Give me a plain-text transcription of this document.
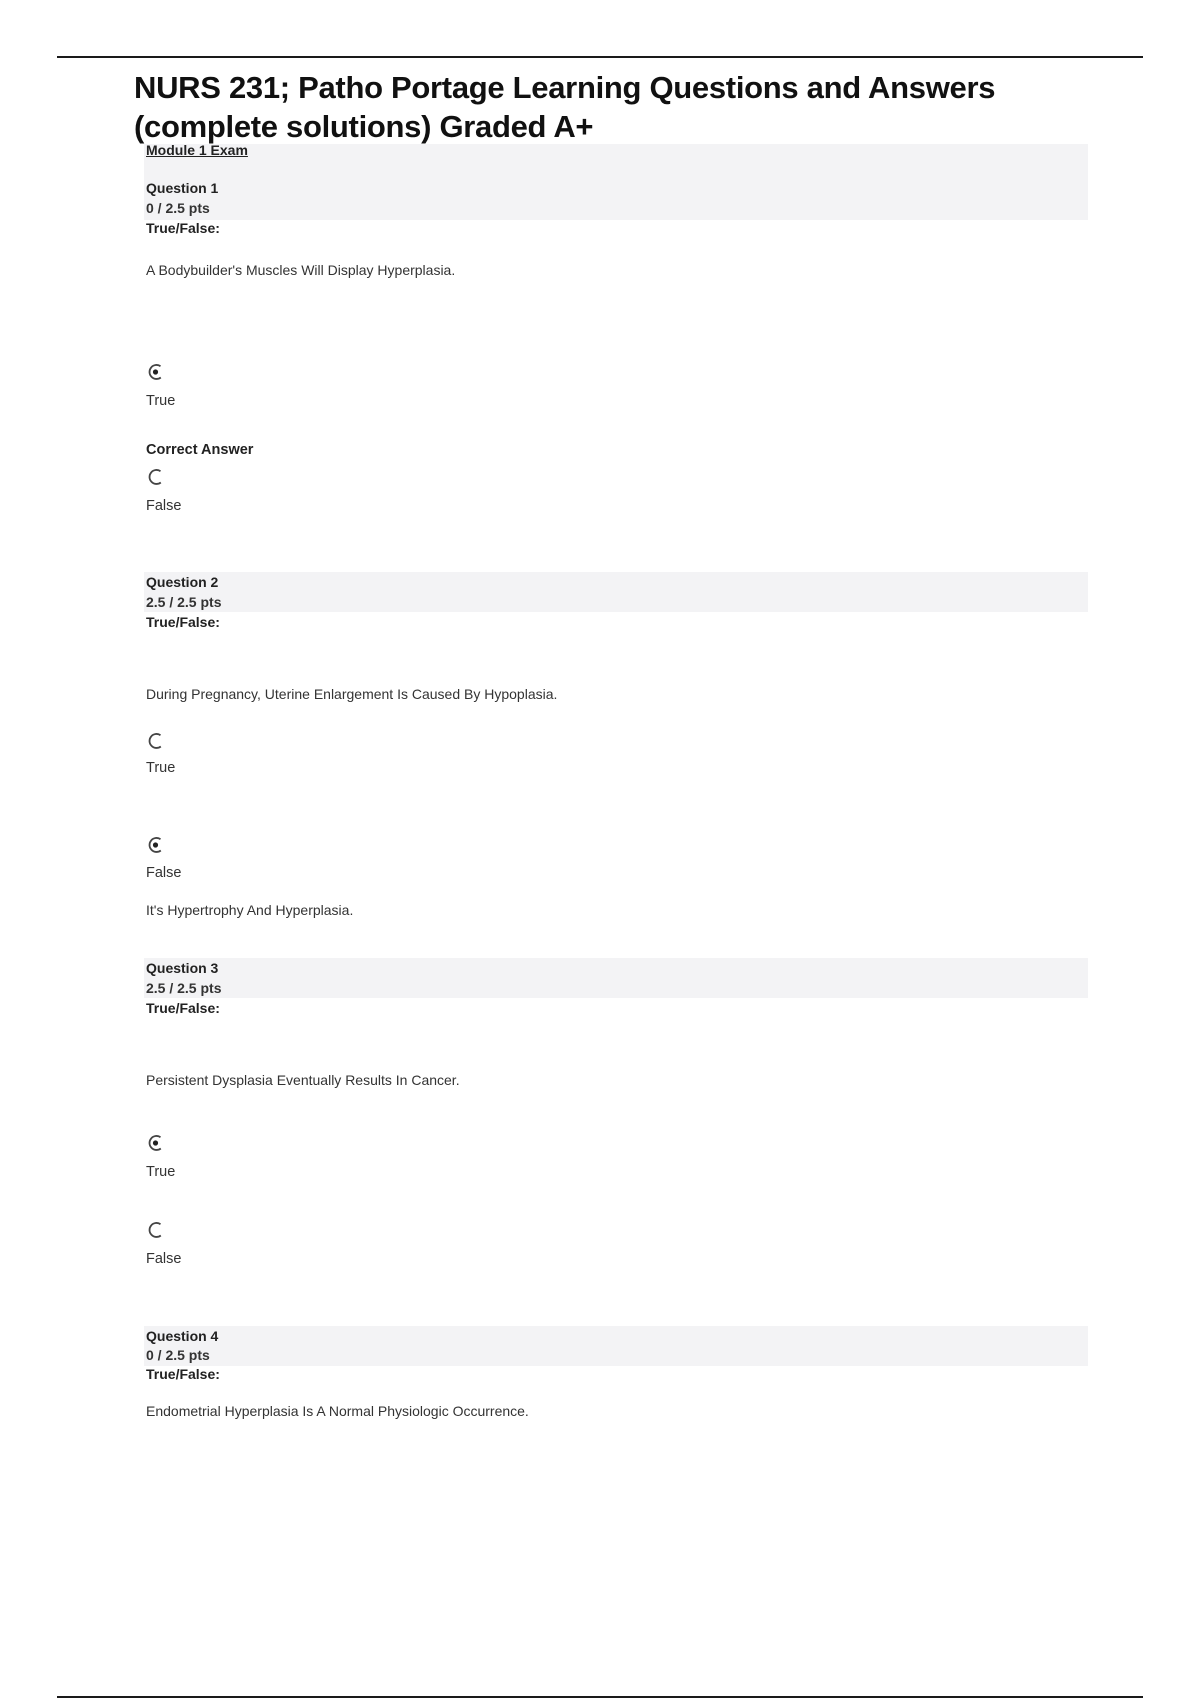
NURS 231; Patho Portage Learning Questions and Answers
(complete solutions) Graded A+
Module 1 Exam
Question 1
0 / 2.5 pts
True/False:
A Bodybuilder's Muscles Will Display Hyperplasia.
True
Correct Answer
False
Question 2
2.5 / 2.5 pts
True/False:
During Pregnancy, Uterine Enlargement Is Caused By Hypoplasia.
True
False
It's Hypertrophy And Hyperplasia.
Question 3
2.5 / 2.5 pts
True/False:
Persistent Dysplasia Eventually Results In Cancer.
True
False
Question 4
0 / 2.5 pts
True/False:
Endometrial Hyperplasia Is A Normal Physiologic Occurrence.
